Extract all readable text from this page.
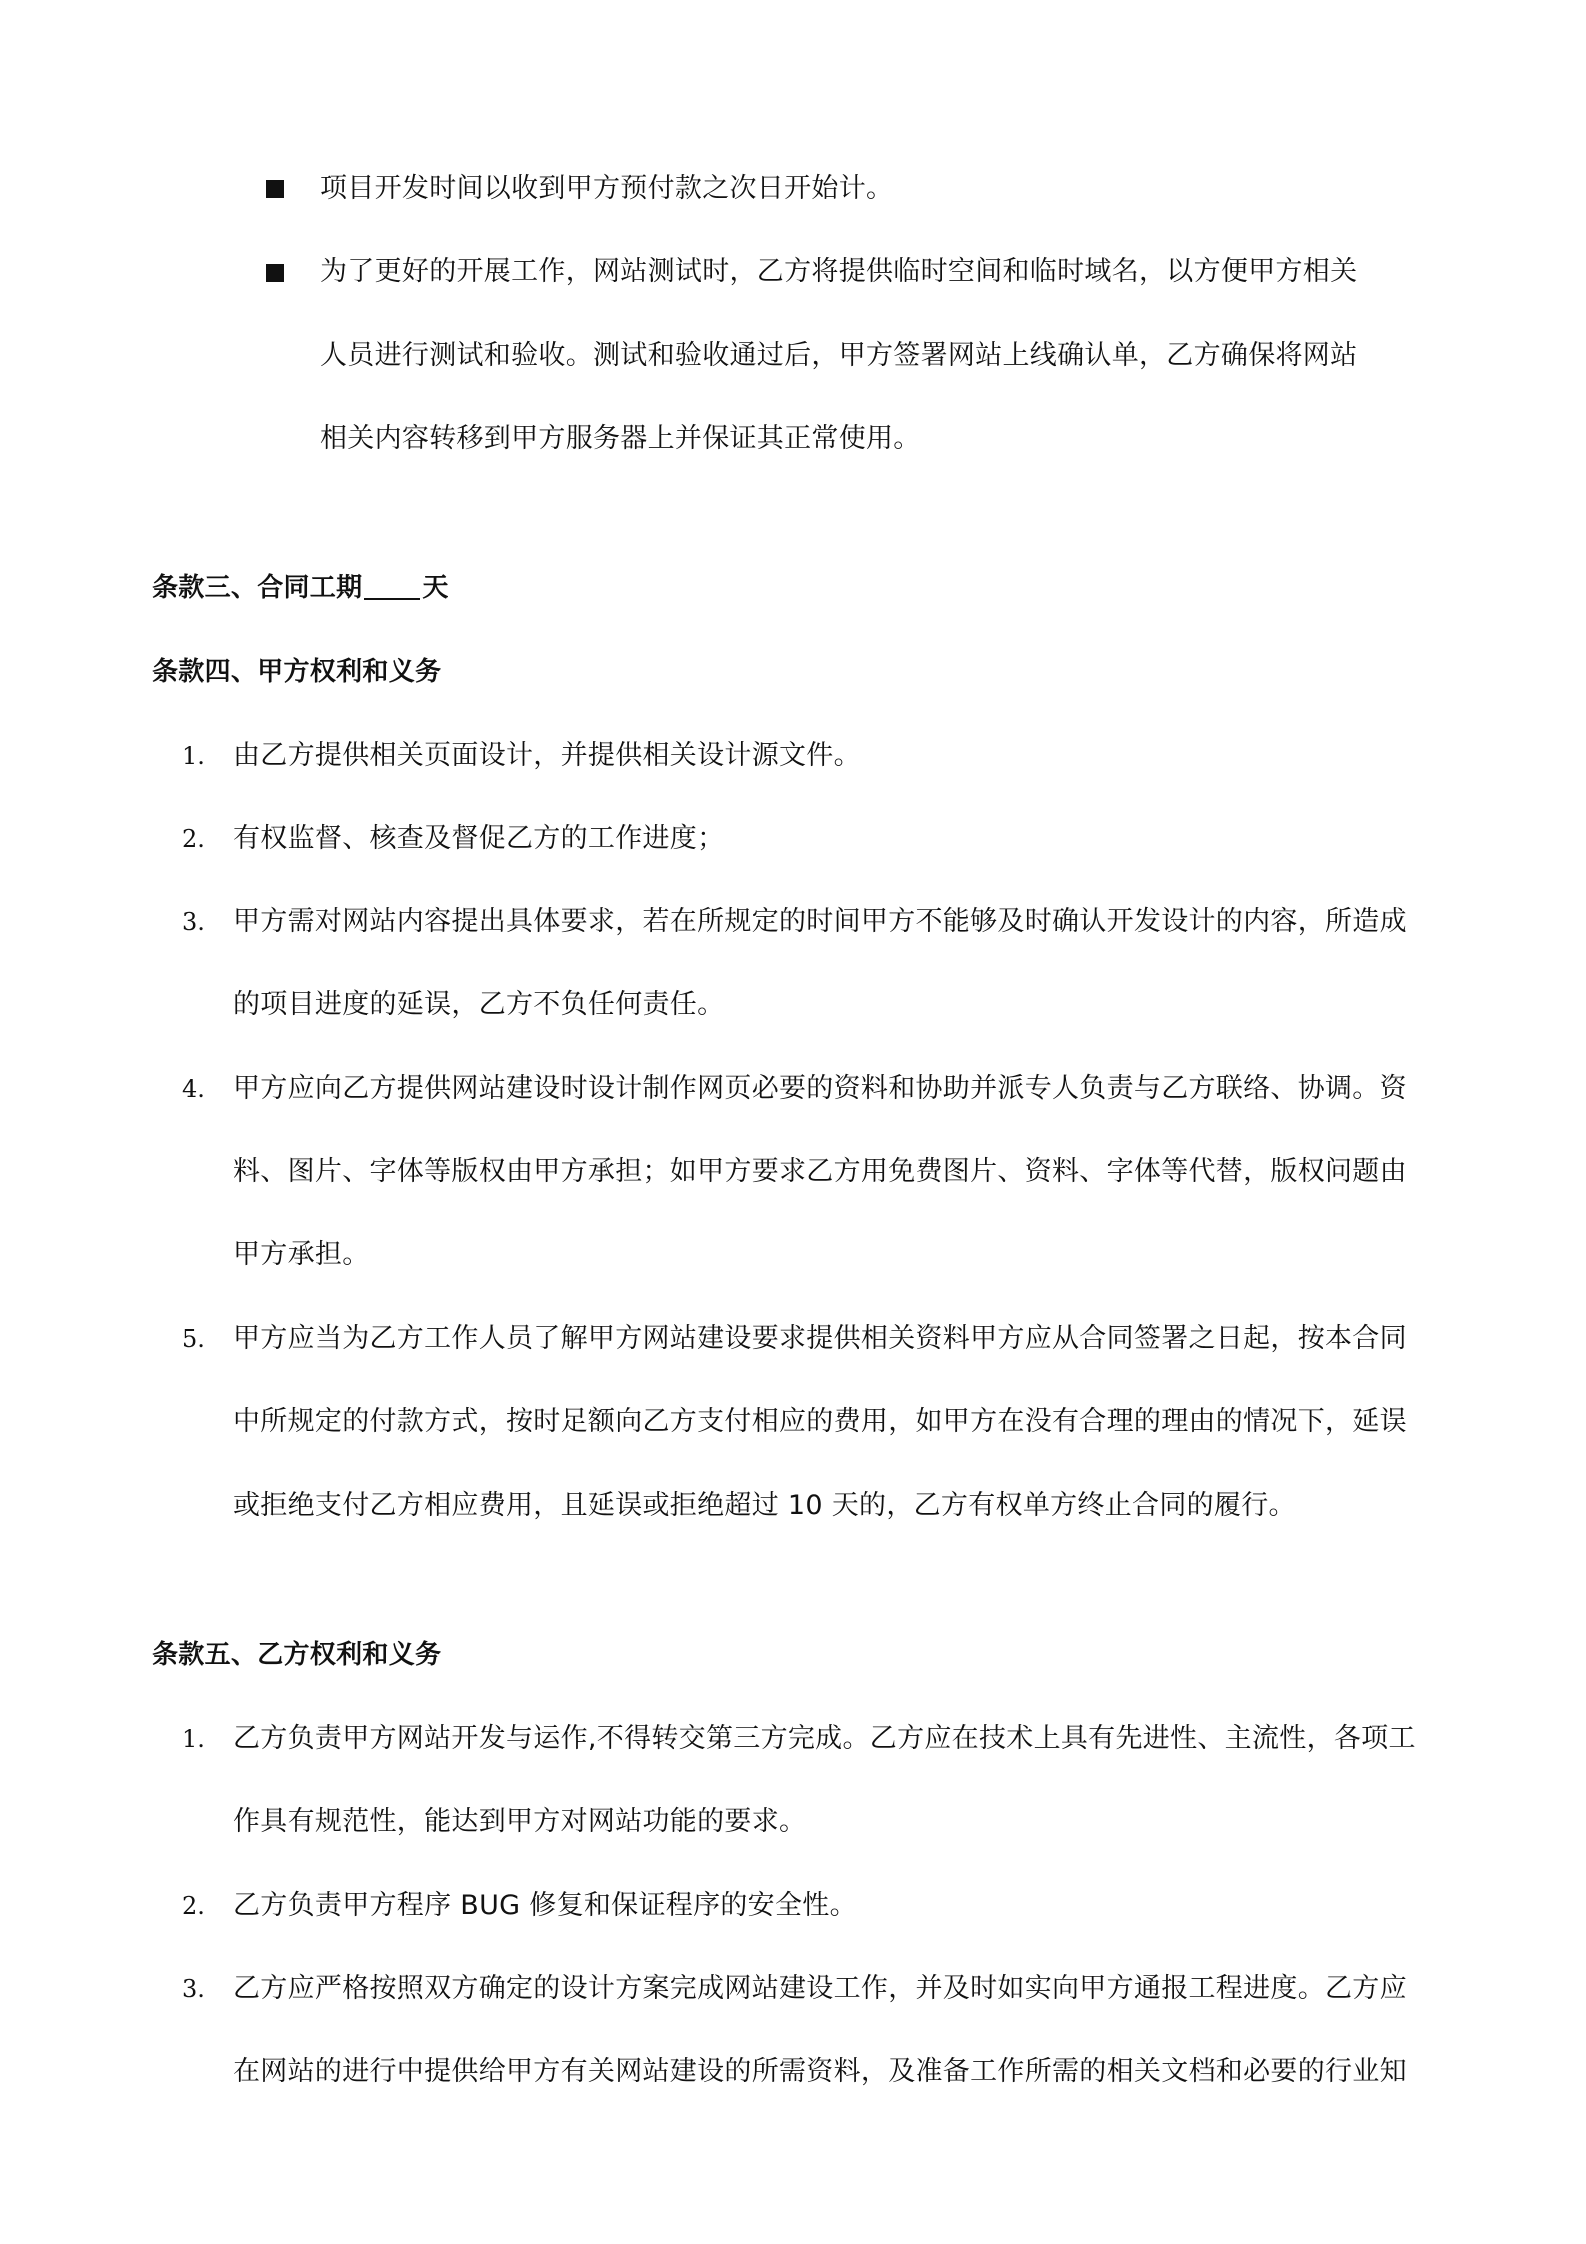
项目开发时间以收到甲方预付款之次日开始计。
为了更好的开展工作，网站测试时，乙方将提供临时空间和临时域名，以方便甲方相关
人员进行测试和验收。测试和验收通过后，甲方签署网站上线确认单，乙方确保将网站
相关内容转移到甲方服务器上并保证其正常使用。
条款三、合同工期 天
条款四、甲方权利和义务
1. 由乙方提供相关页面设计，并提供相关设计源文件。
2. 有权监督、核查及督促乙方的工作进度；
3. 甲方需对网站内容提出具体要求，若在所规定的时间甲方不能够及时确认开发设计的内容，所造成
的项目进度的延误，乙方不负任何责任。
4. 甲方应向乙方提供网站建设时设计制作网页必要的资料和协助并派专人负责与乙方联络、协调。资
料、图片、字体等版权由甲方承担；如甲方要求乙方用免费图片、资料、字体等代替，版权问题由
甲方承担。
5. 甲方应当为乙方工作人员了解甲方网站建设要求提供相关资料甲方应从合同签署之日起，按本合同
中所规定的付款方式，按时足额向乙方支付相应的费用，如甲方在没有合理的理由的情况下，延误
或拒绝支付乙方相应费用，且延误或拒绝超过 10 天的，乙方有权单方终止合同的履行。
条款五、乙方权利和义务
1. 乙方负责甲方网站开发与运作,不得转交第三方完成。乙方应在技术上具有先进性、主流性，各项工
作具有规范性，能达到甲方对网站功能的要求。
2. 乙方负责甲方程序 BUG 修复和保证程序的安全性。
3. 乙方应严格按照双方确定的设计方案完成网站建设工作，并及时如实向甲方通报工程进度。乙方应
在网站的进行中提供给甲方有关网站建设的所需资料，及准备工作所需的相关文档和必要的行业知
